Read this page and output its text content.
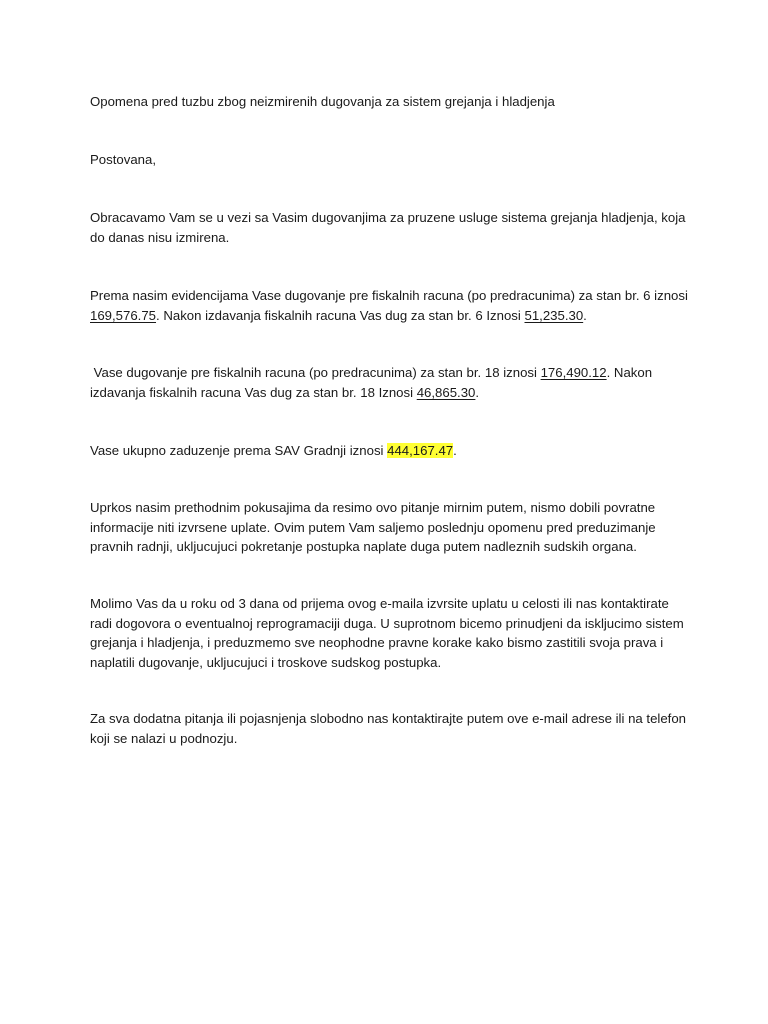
Opomena pred tuzbu zbog neizmirenih dugovanja za sistem grejanja i hladjenja

Postovana,

Obracavamo Vam se u vezi sa Vasim dugovanjima za pruzene usluge sistema grejanja hladjenja, koja do danas nisu izmirena.

Prema nasim evidencijama Vase dugovanje pre fiskalnih racuna (po predracunima) za stan br. 6 iznosi 169,576.75. Nakon izdavanja fiskalnih racuna Vas dug za stan br. 6 Iznosi 51,235.30.

Vase dugovanje pre fiskalnih racuna (po predracunima) za stan br. 18 iznosi 176,490.12. Nakon izdavanja fiskalnih racuna Vas dug za stan br. 18 Iznosi 46,865.30.

Vase ukupno zaduzenje prema SAV Gradnji iznosi 444,167.47.

Uprkos nasim prethodnim pokusajima da resimo ovo pitanje mirnim putem, nismo dobili povratne informacije niti izvrsene uplate. Ovim putem Vam saljemo poslednju opomenu pred preduzimanje pravnih radnji, ukljucujuci pokretanje postupka naplate duga putem nadleznih sudskih organa.

Molimo Vas da u roku od 3 dana od prijema ovog e-maila izvrsite uplatu u celosti ili nas kontaktirate radi dogovora o eventualnoj reprogramaciji duga. U suprotnom bicemo prinudjeni da iskljucimo sistem grejanja i hladjenja, i preduzmemo sve neophodne pravne korake kako bismo zastitili svoja prava i naplatili dugovanje, ukljucujuci i troskove sudskog postupka.

Za sva dodatna pitanja ili pojasnjenja slobodno nas kontaktirajte putem ove e-mail adrese ili na telefon koji se nalazi u podnozju.
